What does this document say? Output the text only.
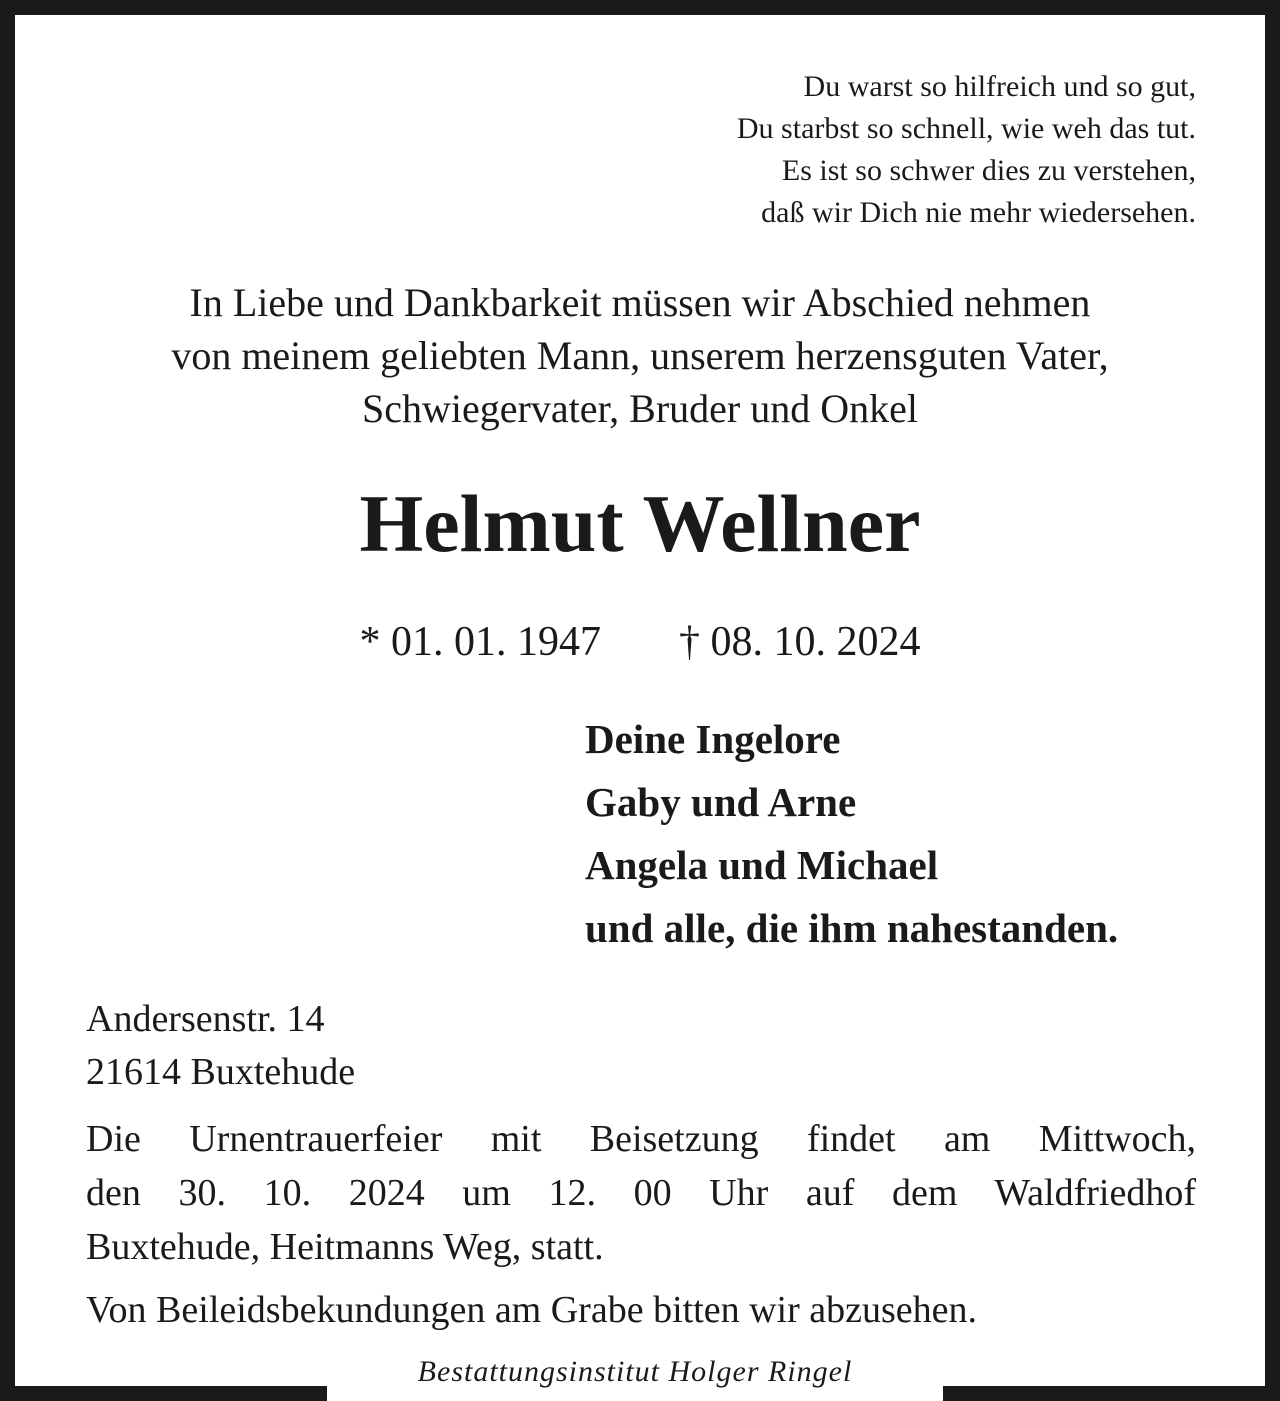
Du warst so hilfreich und so gut,
Du starbst so schnell, wie weh das tut.
Es ist so schwer dies zu verstehen,
daß wir Dich nie mehr wiedersehen.
In Liebe und Dankbarkeit müssen wir Abschied nehmen
von meinem geliebten Mann, unserem herzensguten Vater,
Schwiegervater, Bruder und Onkel
Helmut Wellner
* 01. 01. 1947 † 08. 10. 2024
Deine Ingelore
Gaby und Arne
Angela und Michael
und alle, die ihm nahestanden.
Andersenstr. 14
21614 Buxtehude
Die Urnentrauerfeier mit Beisetzung findet am Mittwoch,
den 30. 10. 2024 um 12. 00 Uhr auf dem Waldfriedhof
Buxtehude, Heitmanns Weg, statt.
Von Beileidsbekundungen am Grabe bitten wir abzusehen.
Bestattungsinstitut Holger Ringel
